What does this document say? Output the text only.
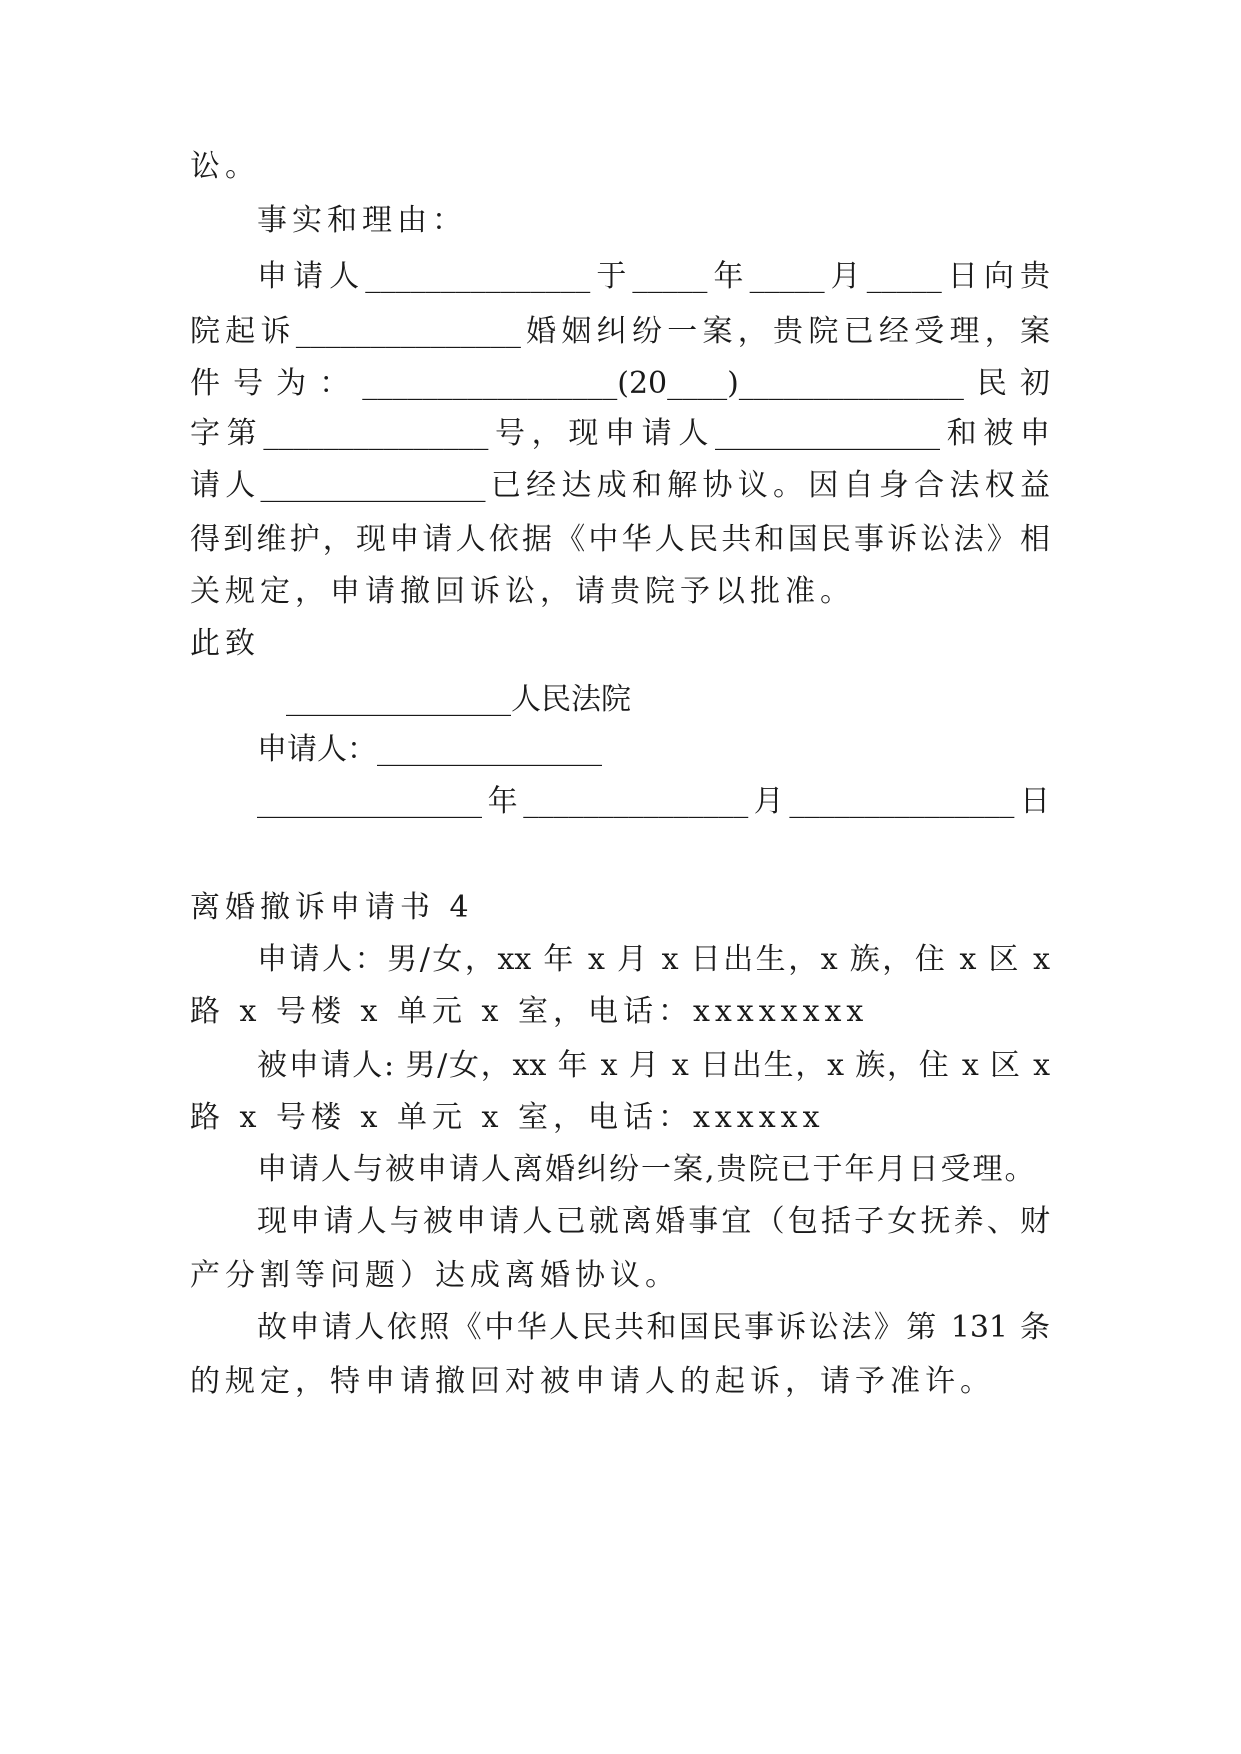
讼。
事实和理由：
申请人_______________于_____年_____月_____日向贵
院起诉_______________婚姻纠纷一案，贵院已经受理，案
件号为：_________________(20____)_______________民初
字第_______________号，现申请人_______________和被申
请人_______________已经达成和解协议。因自身合法权益
得到维护，现申请人依据《中华人民共和国民事诉讼法》相
关规定，申请撤回诉讼，请贵院予以批准。
此致
_______________人民法院
申请人：_______________
_______________年_______________月_______________日
离婚撤诉申请书 4
申请人：男/女，xx 年 x 月 x 日出生，x 族，住 x 区 x
路 x 号楼 x 单元 x 室，电话：xxxxxxxx
被申请人: 男/女，xx 年 x 月 x 日出生，x 族，住 x 区 x
路 x 号楼 x 单元 x 室，电话：xxxxxx
申请人与被申请人离婚纠纷一案,贵院已于年月日受理。
现申请人与被申请人已就离婚事宜（包括子女抚养、财
产分割等问题）达成离婚协议。
故申请人依照《中华人民共和国民事诉讼法》第 131 条
的规定，特申请撤回对被申请人的起诉，请予准许。
